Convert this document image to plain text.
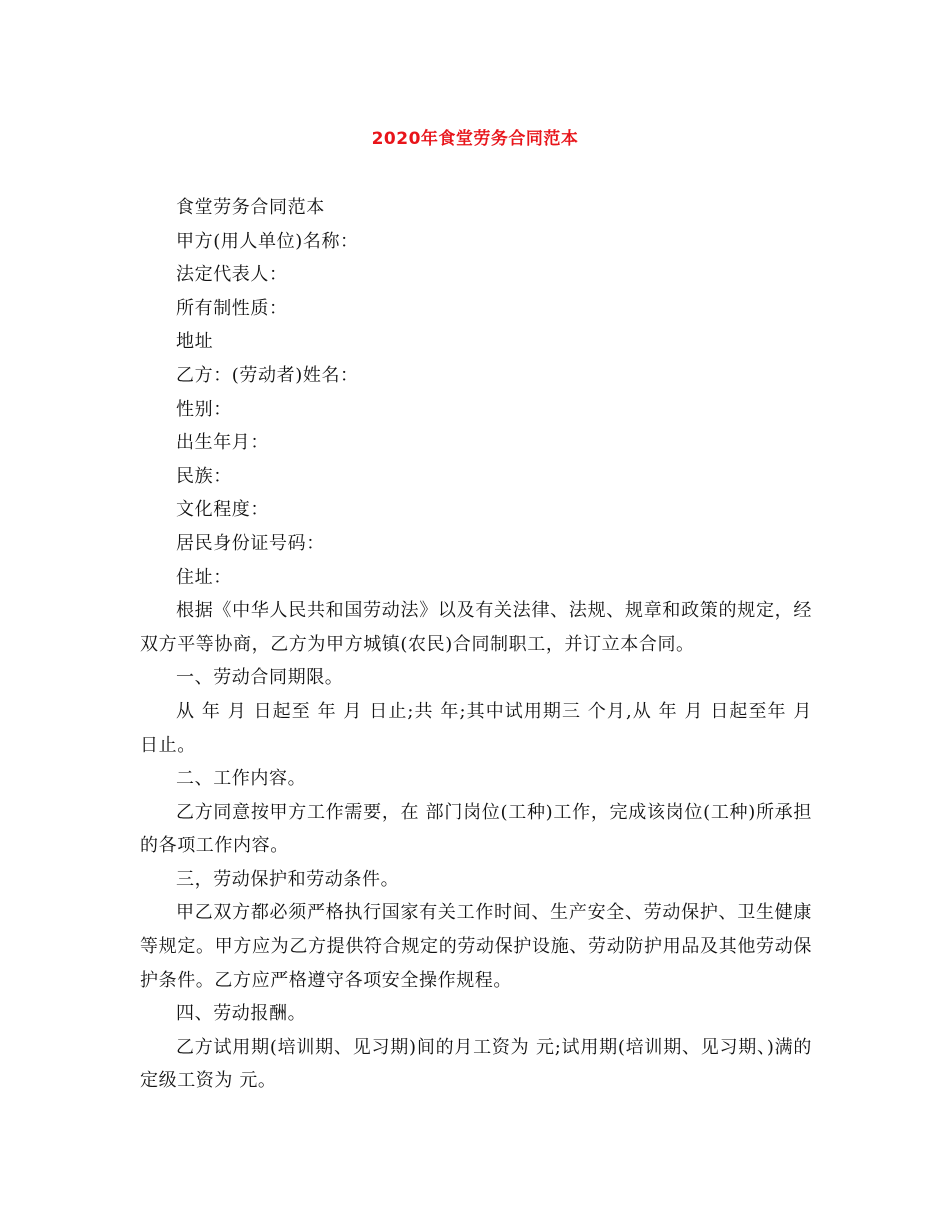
2020年食堂劳务合同范本

食堂劳务合同范本

甲方(用人单位)名称：

法定代表人：

所有制性质：

地址

乙方：(劳动者)姓名：

性别：

出生年月：

民族：

文化程度：

居民身份证号码：

住址：

根据《中华人民共和国劳动法》以及有关法律、法规、规章和政策的规定，经双方平等协商，乙方为甲方城镇(农民)合同制职工，并订立本合同。

一、劳动合同期限。

从 年 月 日起至 年 月 日止;共 年;其中试用期三 个月,从 年 月 日起至年 月 日止。

二、工作内容。

乙方同意按甲方工作需要，在 部门岗位(工种)工作，完成该岗位(工种)所承担的各项工作内容。

三，劳动保护和劳动条件。

甲乙双方都必须严格执行国家有关工作时间、生产安全、劳动保护、卫生健康等规定。甲方应为乙方提供符合规定的劳动保护设施、劳动防护用品及其他劳动保护条件。乙方应严格遵守各项安全操作规程。

四、劳动报酬。

乙方试用期(培训期、见习期)间的月工资为 元;试用期(培训期、见习期、)满的定级工资为 元。
